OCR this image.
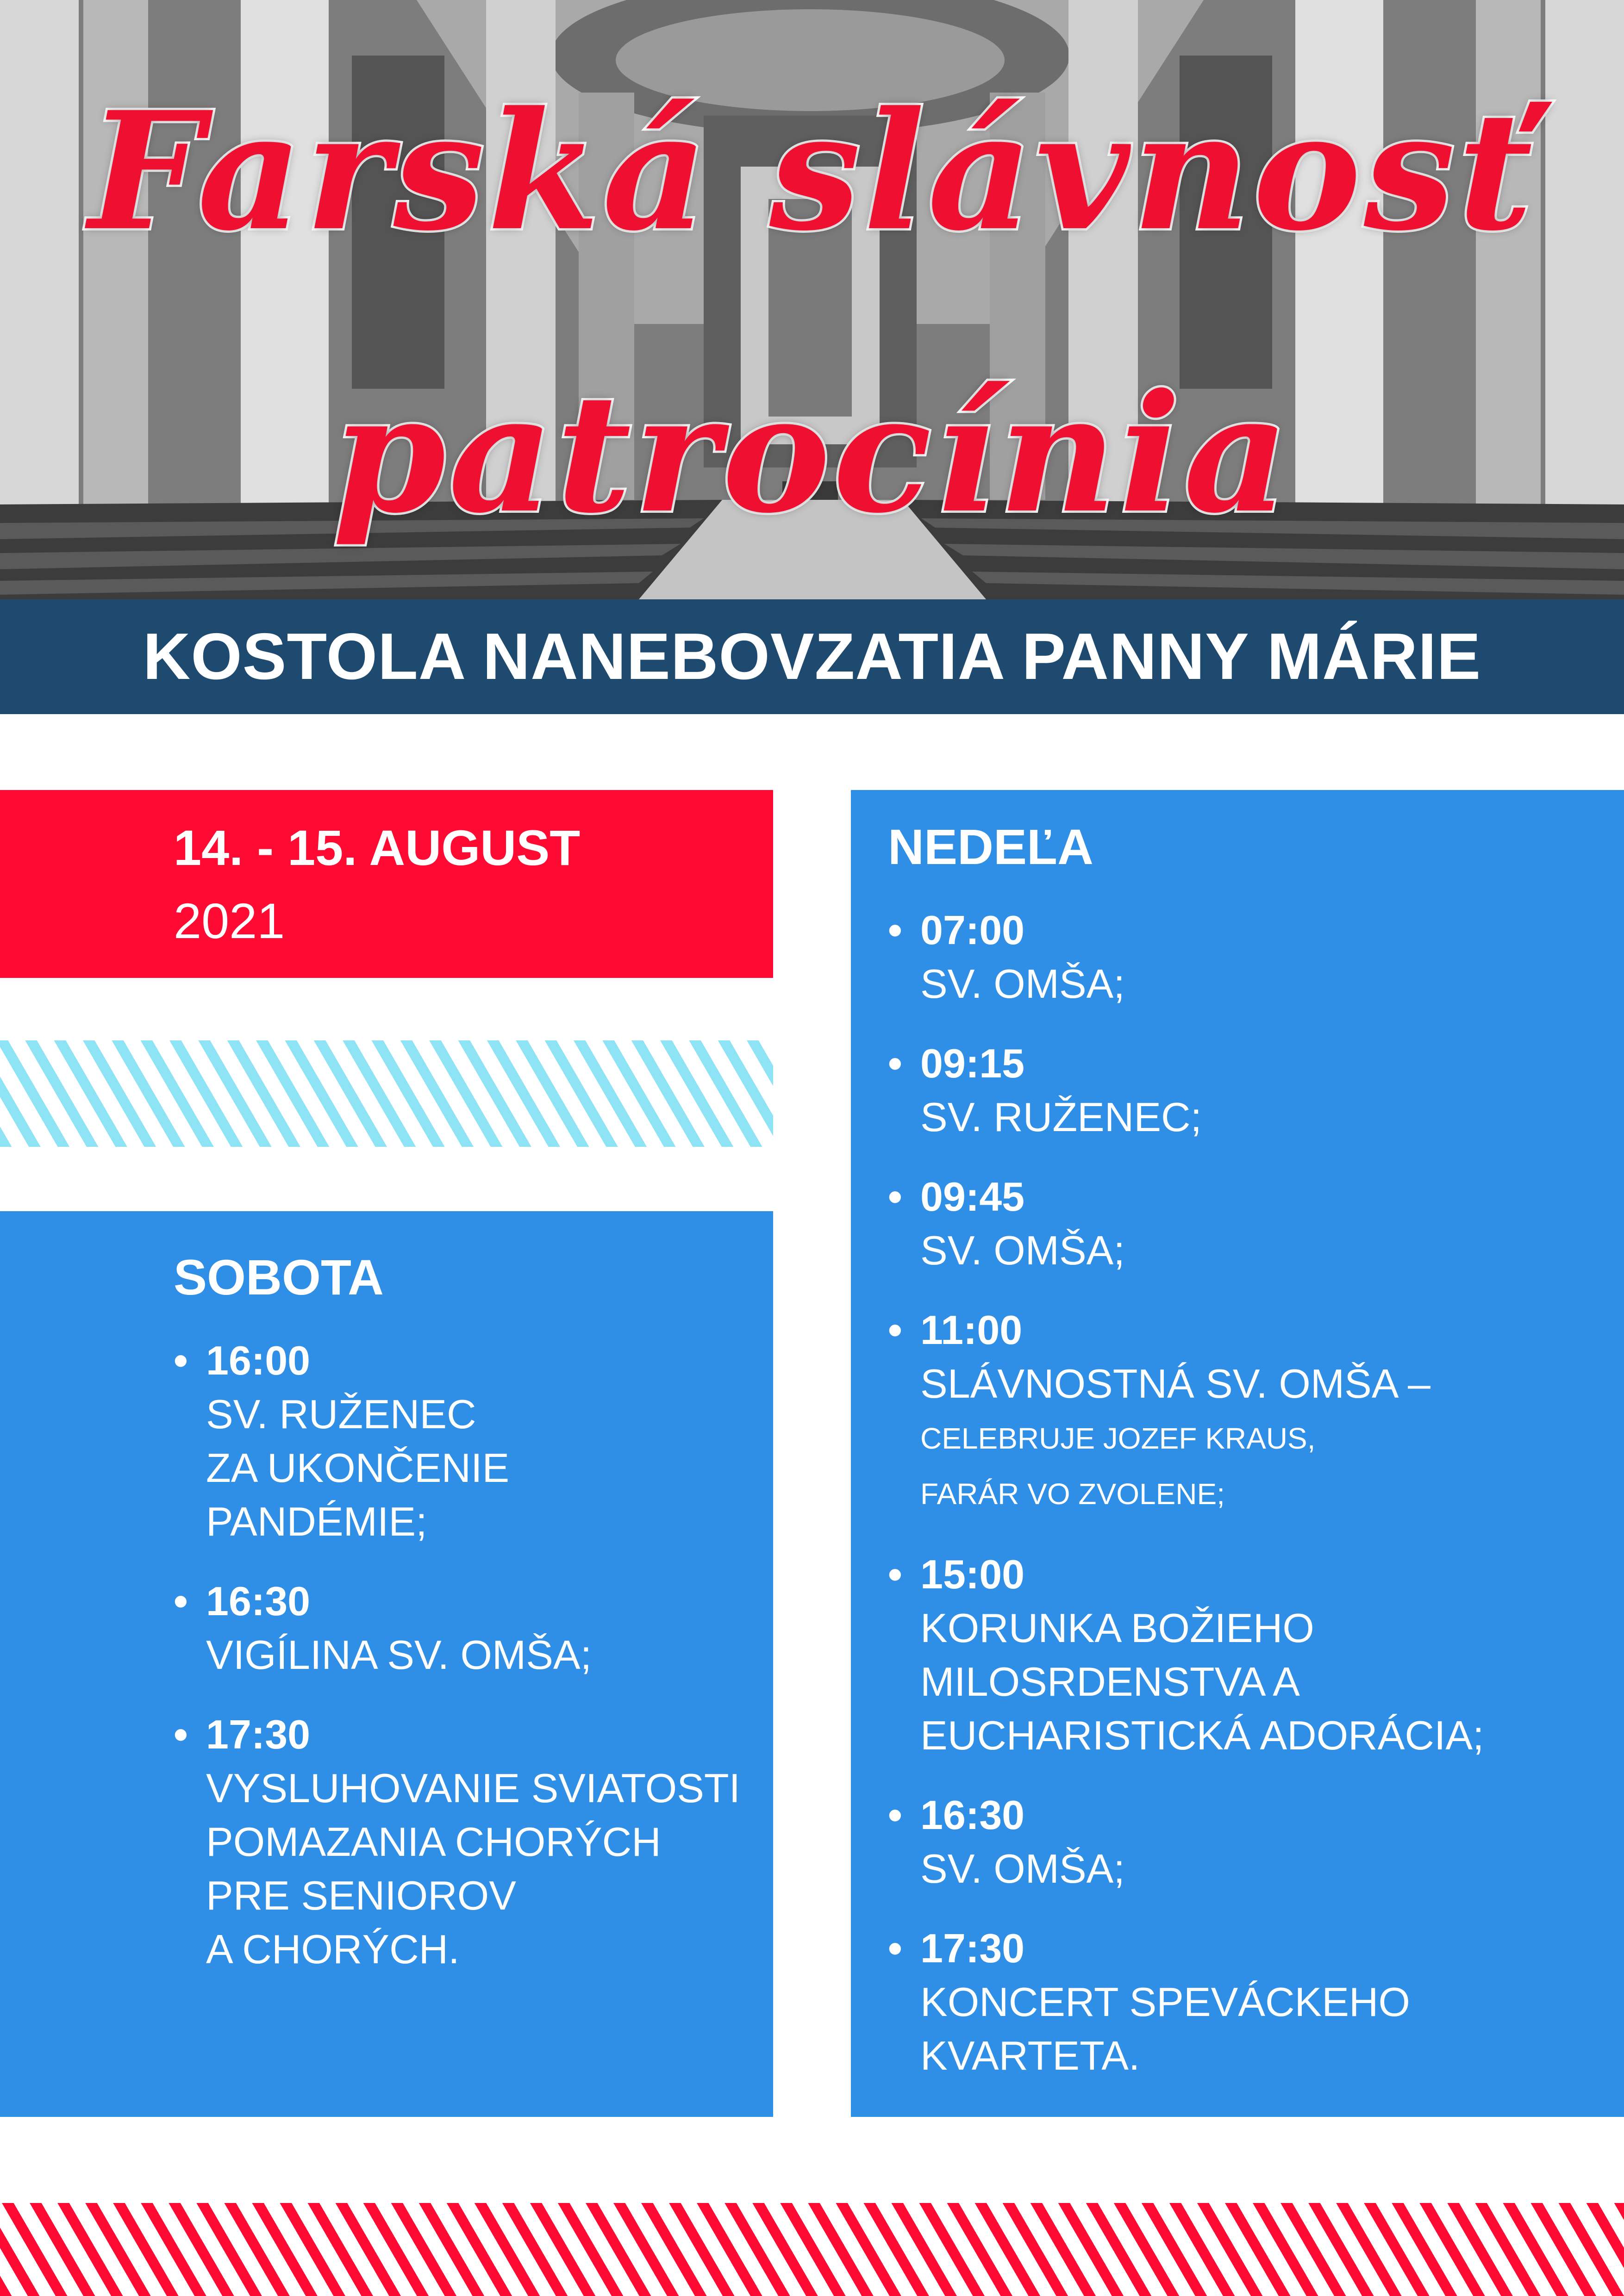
Farská slávnosť
patrocínia
KOSTOLA NANEBOVZATIA PANNY MÁRIE
14. - 15. AUGUST
2021
SOBOTA
• 16:00
SV. RUŽENEC
ZA UKONČENIE
PANDÉMIE;
• 16:30
VIGÍLINA SV. OMŠA;
• 17:30
VYSLUHOVANIE SVIATOSTI
POMAZANIA CHORÝCH
PRE SENIOROV
A CHORÝCH.
NEDEĽA
• 07:00
SV. OMŠA;
• 09:15
SV. RUŽENEC;
• 09:45
SV. OMŠA;
• 11:00
SLÁVNOSTNÁ SV. OMŠA –
CELEBRUJE JOZEF KRAUS,
FARÁR VO ZVOLENE;
• 15:00
KORUNKA BOŽIEHO
MILOSRDENSTVA A
EUCHARISTICKÁ ADORÁCIA;
• 16:30
SV. OMŠA;
• 17:30
KONCERT SPEVÁCKEHO
KVARTETA.
